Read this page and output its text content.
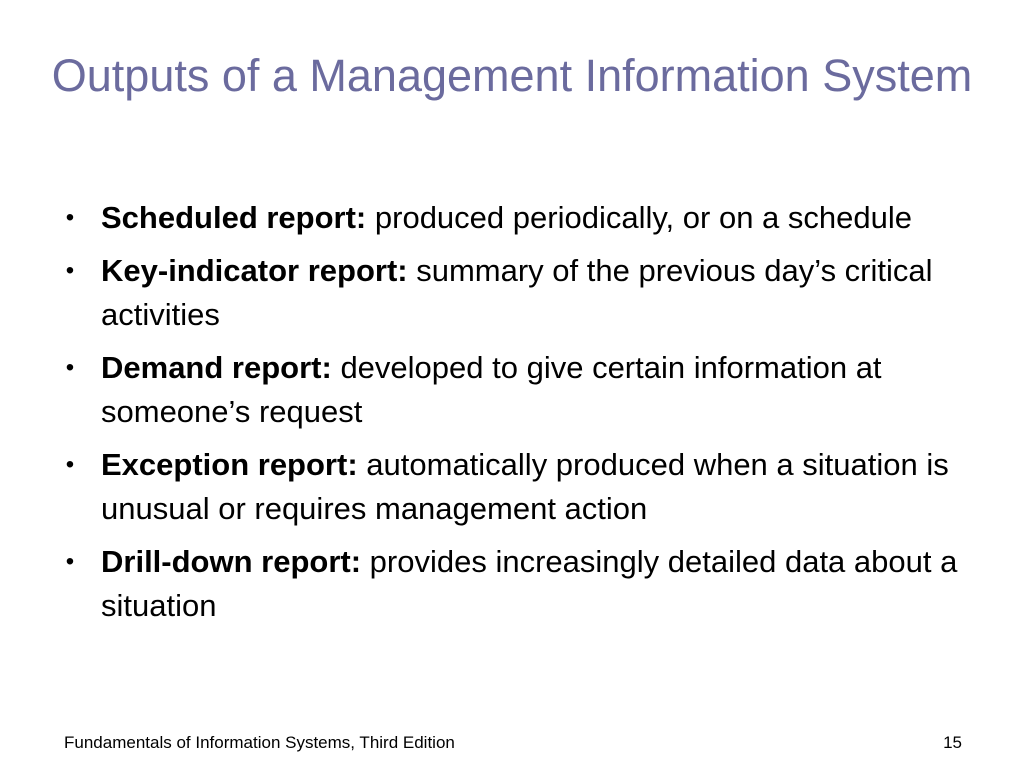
Outputs of a Management Information System
• Scheduled report: produced periodically, or on a schedule
• Key-indicator report: summary of the previous day’s critical activities
• Demand report: developed to give certain information at someone’s request
• Exception report: automatically produced when a situation is unusual or requires management action
• Drill-down report: provides increasingly detailed data about a situation
Fundamentals of Information Systems, Third Edition	15
